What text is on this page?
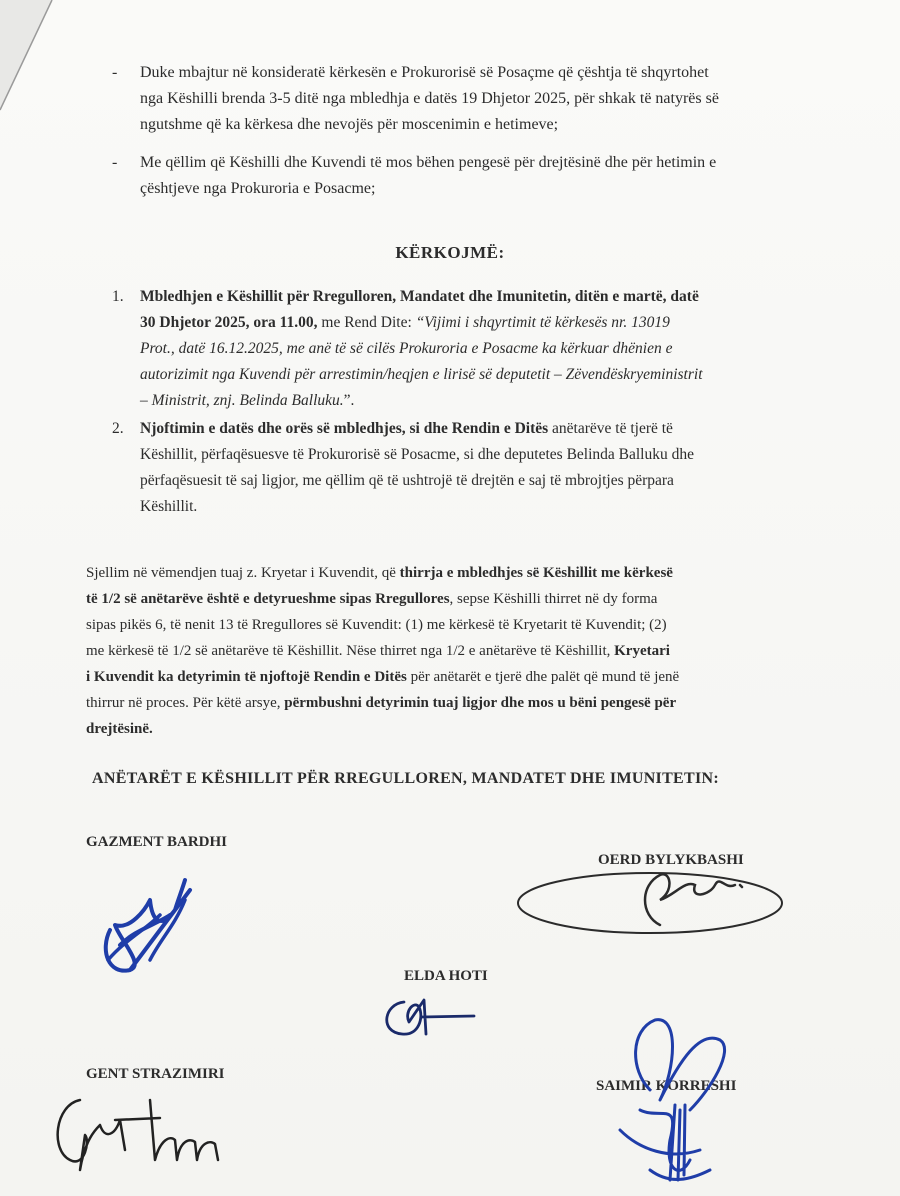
- Duke mbajtur në konsideratë kërkesën e Prokurorisë së Posaçme që çështja të shqyrtohet
nga Këshilli brenda 3-5 ditë nga mbledhja e datës 19 Dhjetor 2025, për shkak të natyrës së
ngutshme që ka kërkesa dhe nevojës për moscenimin e hetimeve;
- Me qëllim që Këshilli dhe Kuvendi të mos bëhen pengesë për drejtësinë dhe për hetimin e
çështjeve nga Prokuroria e Posacme;
KËRKOJMË:
1. Mbledhjen e Këshillit për Rregulloren, Mandatet dhe Imunitetin, ditën e martë, datë
30 Dhjetor 2025, ora 11.00, me Rend Dite: “Vijimi i shqyrtimit të kërkesës nr. 13019
Prot., datë 16.12.2025, me anë të së cilës Prokuroria e Posacme ka kërkuar dhënien e
autorizimit nga Kuvendi për arrestimin/heqjen e lirisë së deputetit – Zëvendëskryeministrit
– Ministrit, znj. Belinda Balluku.”.
2. Njoftimin e datës dhe orës së mbledhjes, si dhe Rendin e Ditës anëtarëve të tjerë të
Këshillit, përfaqësuesve të Prokurorisë së Posacme, si dhe deputetes Belinda Balluku dhe
përfaqësuesit të saj ligjor, me qëllim që të ushtrojë të drejtën e saj të mbrojtjes përpara
Këshillit.
Sjellim në vëmendjen tuaj z. Kryetar i Kuvendit, që thirrja e mbledhjes së Këshillit me kërkesë
të 1/2 së anëtarëve është e detyrueshme sipas Rregullores, sepse Këshilli thirret në dy forma
sipas pikës 6, të nenit 13 të Rregullores së Kuvendit: (1) me kërkesë të Kryetarit të Kuvendit; (2)
me kërkesë të 1/2 së anëtarëve të Këshillit. Nëse thirret nga 1/2 e anëtarëve të Këshillit, Kryetari
i Kuvendit ka detyrimin të njoftojë Rendin e Ditës për anëtarët e tjerë dhe palët që mund të jenë
thirrur në proces. Për këtë arsye, përmbushni detyrimin tuaj ligjor dhe mos u bëni pengesë për
drejtësinë.
ANËTARËT E KËSHILLIT PËR RREGULLOREN, MANDATET DHE IMUNITETIN:
GAZMENT BARDHI
OERD BYLYKBASHI
ELDA HOTI
GENT STRAZIMIRI
SAIMIR KORRESHI
